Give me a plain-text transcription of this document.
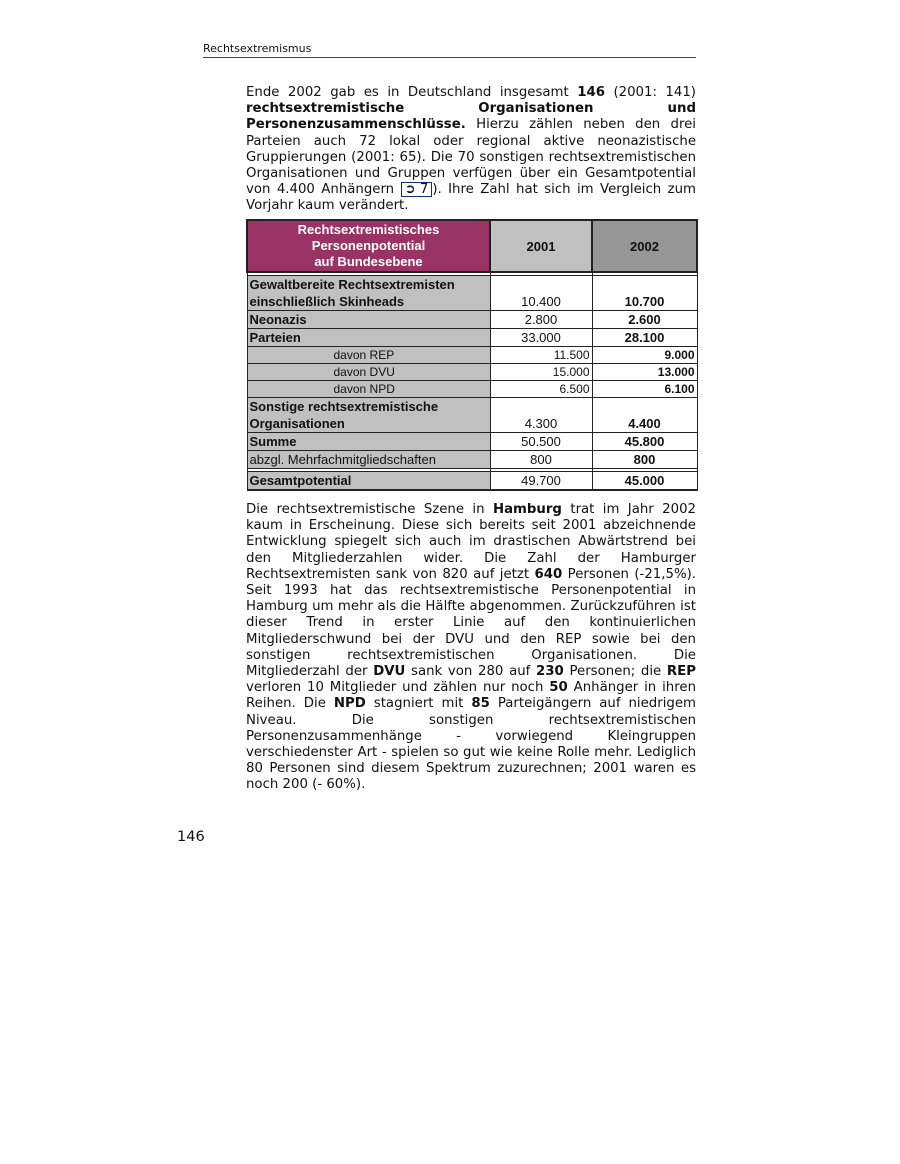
Rechtsextremismus
Ende 2002 gab es in Deutschland insgesamt 146 (2001: 141) rechtsextremistische Organisationen und Personenzusammenschlüsse. Hierzu zählen neben den drei Parteien auch 72 lokal oder regional aktive neonazistische Gruppierungen (2001: 65). Die 70 sonstigen rechtsextremistischen Organisationen und Gruppen verfügen über ein Gesamtpotential von 4.400 Anhängern ➲ 7 ). Ihre Zahl hat sich im Vergleich zum Vorjahr kaum verändert.
Rechtsextremistisches
Personenpotential
auf Bundesebene	2001	2002

Gewaltbereite Rechtsextremisten
einschließlich Skinheads	10.400	10.700
Neonazis	2.800	2.600
Parteien	33.000	28.100
davon REP	11.500	9.000
davon DVU	15.000	13.000
davon NPD	6.500	6.100

Sonstige rechtsextremistische
Organisationen	4.300	4.400
Summe	50.500	45.800
abzgl. Mehrfachmitgliedschaften	800	800

Gesamtpotential	49.700	45.000
Die rechtsextremistische Szene in Hamburg trat im Jahr 2002 kaum in Erscheinung. Diese sich bereits seit 2001 abzeichnende Entwicklung spiegelt sich auch im drastischen Abwärtstrend bei den Mitgliederzahlen wider. Die Zahl der Hamburger Rechtsextremisten sank von 820 auf jetzt 640 Personen (-21,5%). Seit 1993 hat das rechtsextremistische Personenpotential in Hamburg um mehr als die Hälfte abgenommen. Zurückzuführen ist dieser Trend in erster Linie auf den kontinuierlichen Mitgliederschwund bei der DVU und den REP sowie bei den sonstigen rechtsextremistischen Organisationen. Die Mitgliederzahl der DVU sank von 280 auf 230 Personen; die REP verloren 10 Mitglieder und zählen nur noch 50 Anhänger in ihren Reihen. Die NPD stagniert mit 85 Parteigängern auf niedrigem Niveau. Die sonstigen rechtsextremistischen Personenzusammenhänge - vorwiegend Kleingruppen verschiedenster Art - spielen so gut wie keine Rolle mehr. Lediglich 80 Personen sind diesem Spektrum zuzurechnen; 2001 waren es noch 200 (- 60%).
146
